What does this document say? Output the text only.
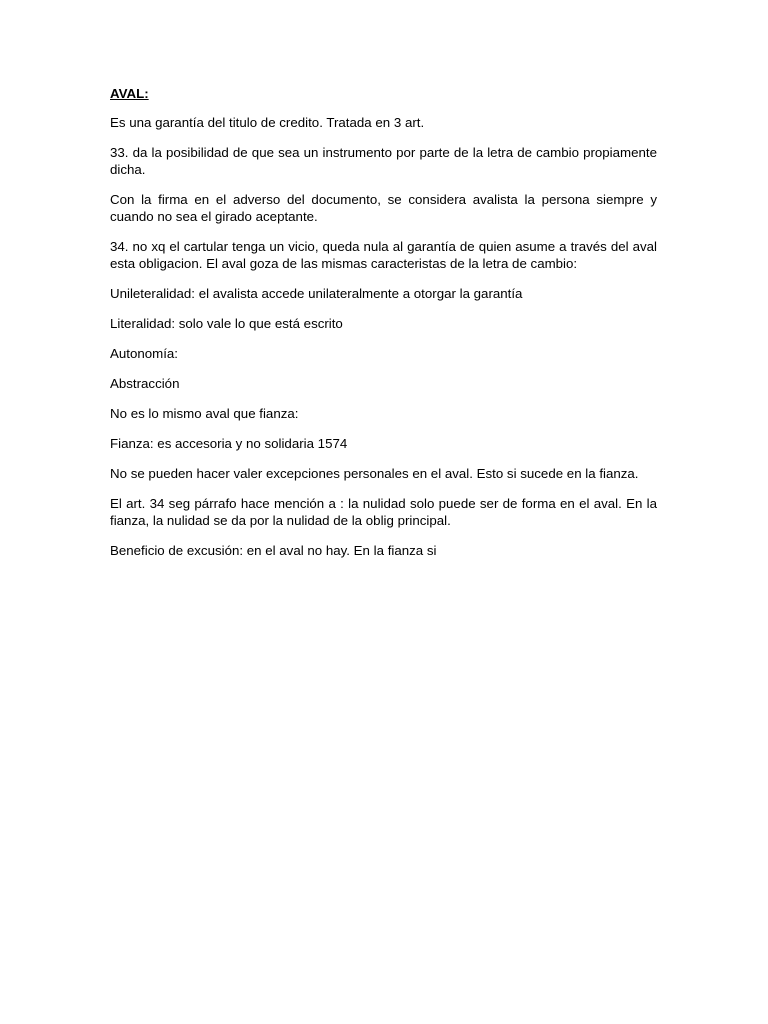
AVAL:

Es una garantía del titulo de credito. Tratada en 3 art.

33. da la posibilidad de que sea un instrumento por parte de la letra de cambio propiamente dicha.

Con la firma en el adverso del documento, se considera avalista la persona siempre y cuando no sea el girado aceptante.

34. no xq el cartular tenga un vicio, queda nula al garantía de quien asume a través del aval esta obligacion. El aval goza de las mismas caracteristas de la letra de cambio:

Unileteralidad: el avalista accede unilateralmente a otorgar la garantía

Literalidad: solo vale lo que está escrito

Autonomía:

Abstracción

No es lo mismo aval que fianza:

Fianza: es accesoria y no solidaria 1574

No se pueden hacer valer excepciones personales en el aval. Esto si sucede en la fianza.

El art. 34 seg párrafo hace mención a : la nulidad solo puede ser de forma en el aval. En la fianza, la nulidad se da por la nulidad de la oblig principal.

Beneficio de excusión: en el aval no hay. En la fianza si
